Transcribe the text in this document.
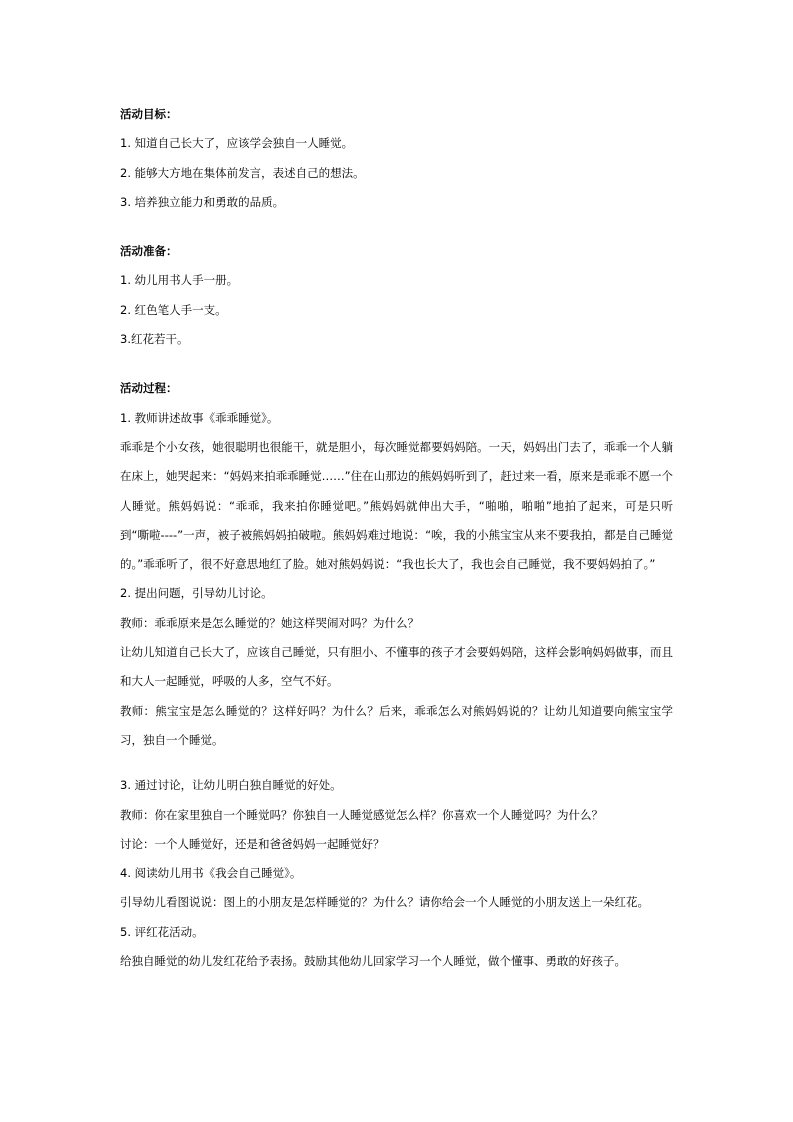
活动目标：

1. 知道自己长大了，应该学会独自一人睡觉。

2. 能够大方地在集体前发言，表述自己的想法。

3. 培养独立能力和勇敢的品质。

活动准备：

1. 幼儿用书人手一册。

2. 红色笔人手一支。

3.红花若干。

活动过程：

1. 教师讲述故事《乖乖睡觉》。

乖乖是个小女孩，她很聪明也很能干，就是胆小，每次睡觉都要妈妈陪。一天，妈妈出门去了，乖乖一个人躺在床上，她哭起来：“妈妈来拍乖乖睡觉……”住在山那边的熊妈妈听到了，赶过来一看，原来是乖乖不愿一个人睡觉。熊妈妈说：“乖乖，我来拍你睡觉吧。”熊妈妈就伸出大手，“啪啪，啪啪”地拍了起来，可是只听到“嘶啦----”一声，被子被熊妈妈拍破啦。熊妈妈难过地说：“唉，我的小熊宝宝从来不要我拍，都是自己睡觉的。”乖乖听了，很不好意思地红了脸。她对熊妈妈说：“我也长大了，我也会自己睡觉，我不要妈妈拍了。”

2. 提出问题，引导幼儿讨论。

教师：乖乖原来是怎么睡觉的？她这样哭闹对吗？为什么？

让幼儿知道自己长大了，应该自己睡觉，只有胆小、不懂事的孩子才会要妈妈陪，这样会影响妈妈做事，而且和大人一起睡觉，呼吸的人多，空气不好。

教师：熊宝宝是怎么睡觉的？这样好吗？为什么？后来，乖乖怎么对熊妈妈说的？让幼儿知道要向熊宝宝学习，独自一个睡觉。

3. 通过讨论，让幼儿明白独自睡觉的好处。

教师：你在家里独自一个睡觉吗？你独自一人睡觉感觉怎么样？你喜欢一个人睡觉吗？为什么？

讨论：一个人睡觉好，还是和爸爸妈妈一起睡觉好？

4. 阅读幼儿用书《我会自己睡觉》。

引导幼儿看图说说：图上的小朋友是怎样睡觉的？为什么？请你给会一个人睡觉的小朋友送上一朵红花。

5. 评红花活动。

给独自睡觉的幼儿发红花给予表扬。鼓励其他幼儿回家学习一个人睡觉，做个懂事、勇敢的好孩子。
